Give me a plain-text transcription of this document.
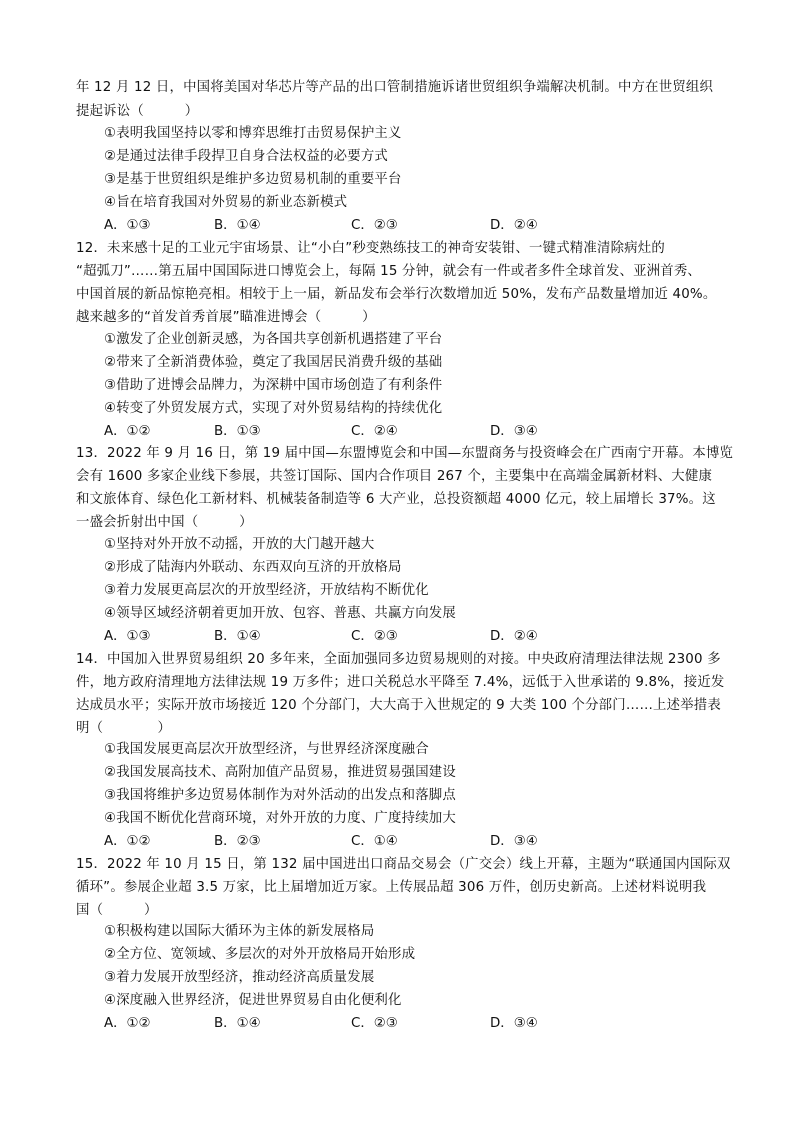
年 12 月 12 日，中国将美国对华芯片等产品的出口管制措施诉诸世贸组织争端解决机制。中方在世贸组织
提起诉讼（　　　）
①表明我国坚持以零和博弈思维打击贸易保护主义
②是通过法律手段捍卫自身合法权益的必要方式
③是基于世贸组织是维护多边贸易机制的重要平台
④旨在培育我国对外贸易的新业态新模式
A．①③	B．①④	C．②③	D．②④
12．未来感十足的工业元宇宙场景、让“小白”秒变熟练技工的神奇安装钳、一键式精准清除病灶的
“超弧刀”……第五届中国国际进口博览会上，每隔 15 分钟，就会有一件或者多件全球首发、亚洲首秀、
中国首展的新品惊艳亮相。相较于上一届，新品发布会举行次数增加近 50%，发布产品数量增加近 40%。
越来越多的“首发首秀首展”瞄准进博会（　　　）
①激发了企业创新灵感，为各国共享创新机遇搭建了平台
②带来了全新消费体验，奠定了我国居民消费升级的基础
③借助了进博会品牌力，为深耕中国市场创造了有利条件
④转变了外贸发展方式，实现了对外贸易结构的持续优化
A．①②	B．①③	C．②④	D．③④
13．2022 年 9 月 16 日，第 19 届中国—东盟博览会和中国—东盟商务与投资峰会在广西南宁开幕。本博览
会有 1600 多家企业线下参展，共签订国际、国内合作项目 267 个，主要集中在高端金属新材料、大健康
和文旅体育、绿色化工新材料、机械装备制造等 6 大产业，总投资额超 4000 亿元，较上届增长 37%。这
一盛会折射出中国（　　　）
①坚持对外开放不动摇，开放的大门越开越大
②形成了陆海内外联动、东西双向互济的开放格局
③着力发展更高层次的开放型经济，开放结构不断优化
④领导区域经济朝着更加开放、包容、普惠、共赢方向发展
A．①③	B．①④	C．②③	D．②④
14．中国加入世界贸易组织 20 多年来，全面加强同多边贸易规则的对接。中央政府清理法律法规 2300 多
件，地方政府清理地方法律法规 19 万多件；进口关税总水平降至 7.4%，远低于入世承诺的 9.8%，接近发
达成员水平；实际开放市场接近 120 个分部门，大大高于入世规定的 9 大类 100 个分部门……上述举措表
明（　　　　）
①我国发展更高层次开放型经济，与世界经济深度融合
②我国发展高技术、高附加值产品贸易，推进贸易强国建设
③我国将维护多边贸易体制作为对外活动的出发点和落脚点
④我国不断优化营商环境，对外开放的力度、广度持续加大
A．①②	B．②③	C．①④	D．③④
15．2022 年 10 月 15 日，第 132 届中国进出口商品交易会（广交会）线上开幕，主题为“联通国内国际双
循环”。参展企业超 3.5 万家，比上届增加近万家。上传展品超 306 万件，创历史新高。上述材料说明我
国（　　　）
①积极构建以国际大循环为主体的新发展格局
②全方位、宽领域、多层次的对外开放格局开始形成
③着力发展开放型经济，推动经济高质量发展
④深度融入世界经济，促进世界贸易自由化便利化
A．①②	B．①④	C．②③	D．③④
